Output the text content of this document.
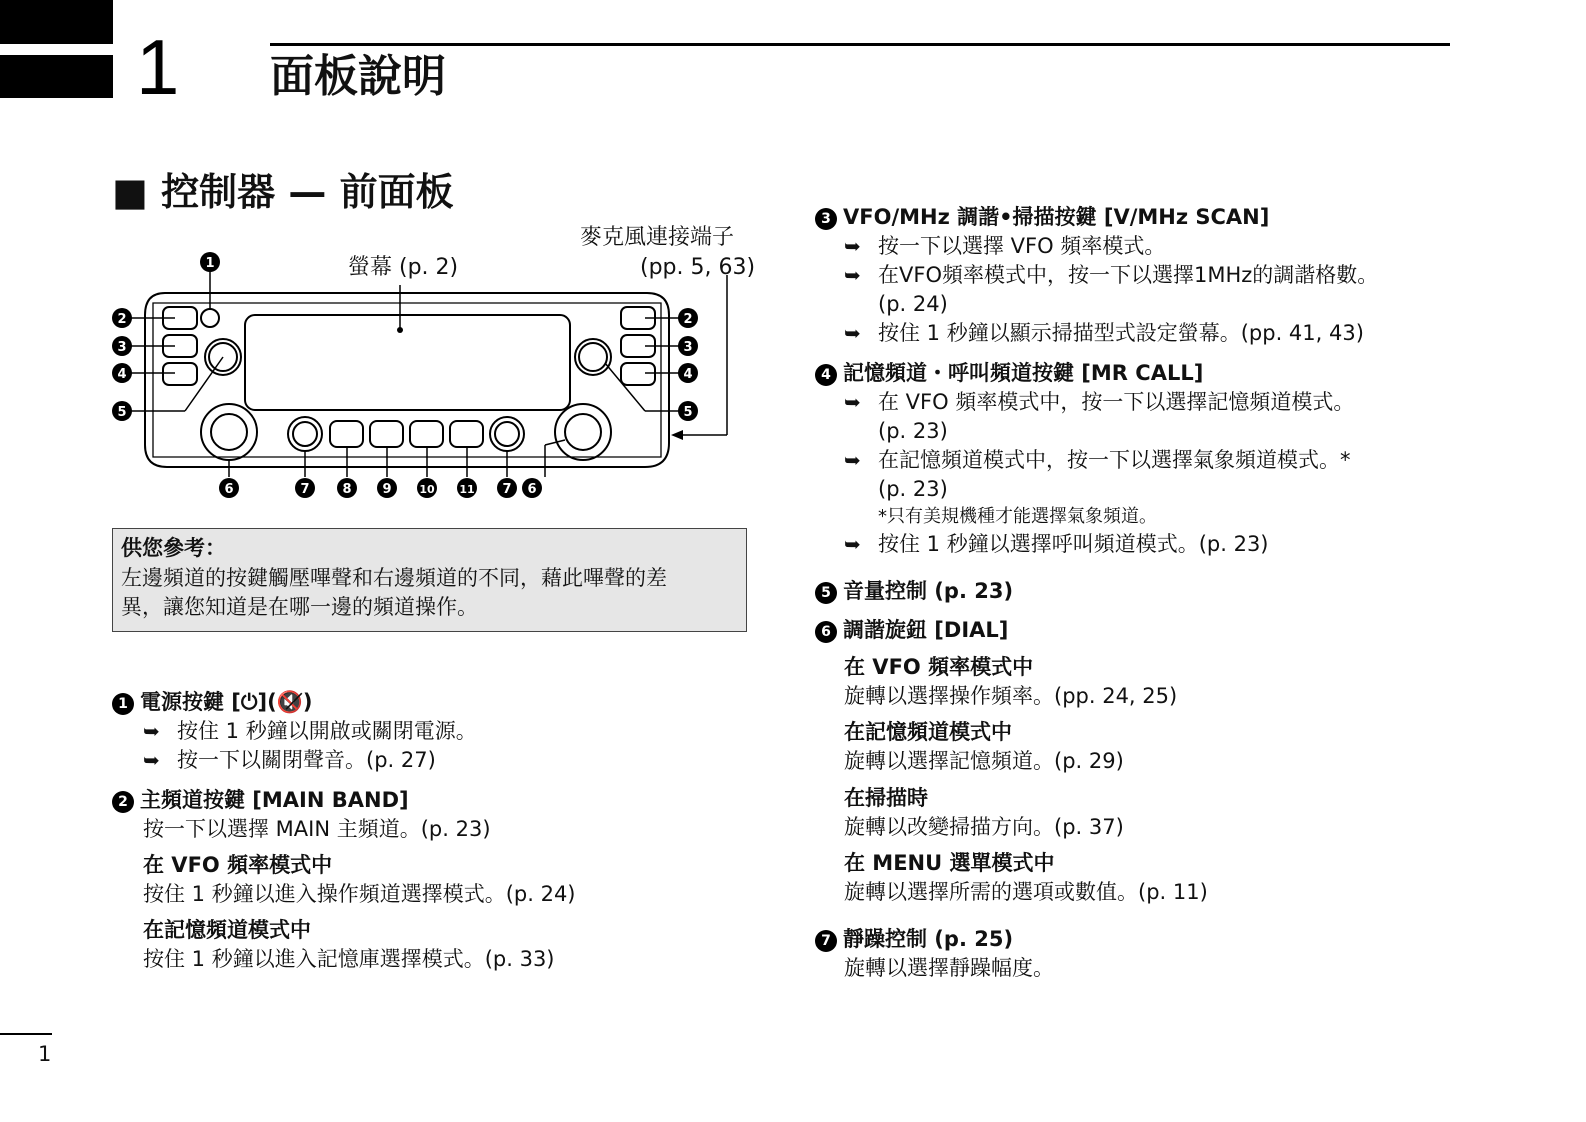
1 面板說明
■ 控制器 — 前面板
螢幕 (p. 2)
麥克風連接端子
(pp. 5, 63)
1
2
3
4
5
2
3
4
5
6	7	8 9	10 11 7 6
供您參考：
左邊頻道的按鍵觸壓嗶聲和右邊頻道的不同，藉此嗶聲的差
異，讓您知道是在哪一邊的頻道操作。
1 電源按鍵 [⏻](🔇̸)
➥ 按住 1 秒鐘以開啟或關閉電源。
➥ 按一下以關閉聲音。(p. 27)
2 主頻道按鍵 [MAIN BAND]
按一下以選擇 MAIN 主頻道。(p. 23)
在 VFO 頻率模式中
按住 1 秒鐘以進入操作頻道選擇模式。(p. 24)
在記憶頻道模式中
按住 1 秒鐘以進入記憶庫選擇模式。(p. 33)
3 VFO/MHz 調諧•掃描按鍵 [V/MHz SCAN]
➥ 按一下以選擇 VFO 頻率模式。
➥ 在VFO頻率模式中，按一下以選擇1MHz的調諧格數。
(p. 24)
➥ 按住 1 秒鐘以顯示掃描型式設定螢幕。(pp. 41, 43)
4 記憶頻道・呼叫頻道按鍵 [MR CALL]
➥ 在 VFO 頻率模式中，按一下以選擇記憶頻道模式。
(p. 23)
➥ 在記憶頻道模式中，按一下以選擇氣象頻道模式。*
(p. 23)
*只有美規機種才能選擇氣象頻道。
➥ 按住 1 秒鐘以選擇呼叫頻道模式。(p. 23)
5 音量控制 (p. 23)
6 調諧旋鈕 [DIAL]
在 VFO 頻率模式中
旋轉以選擇操作頻率。(pp. 24, 25)
在記憶頻道模式中
旋轉以選擇記憶頻道。(p. 29)
在掃描時
旋轉以改變掃描方向。(p. 37)
在 MENU 選單模式中
旋轉以選擇所需的選項或數值。(p. 11)
7 靜躁控制 (p. 25)
旋轉以選擇靜躁幅度。
1
